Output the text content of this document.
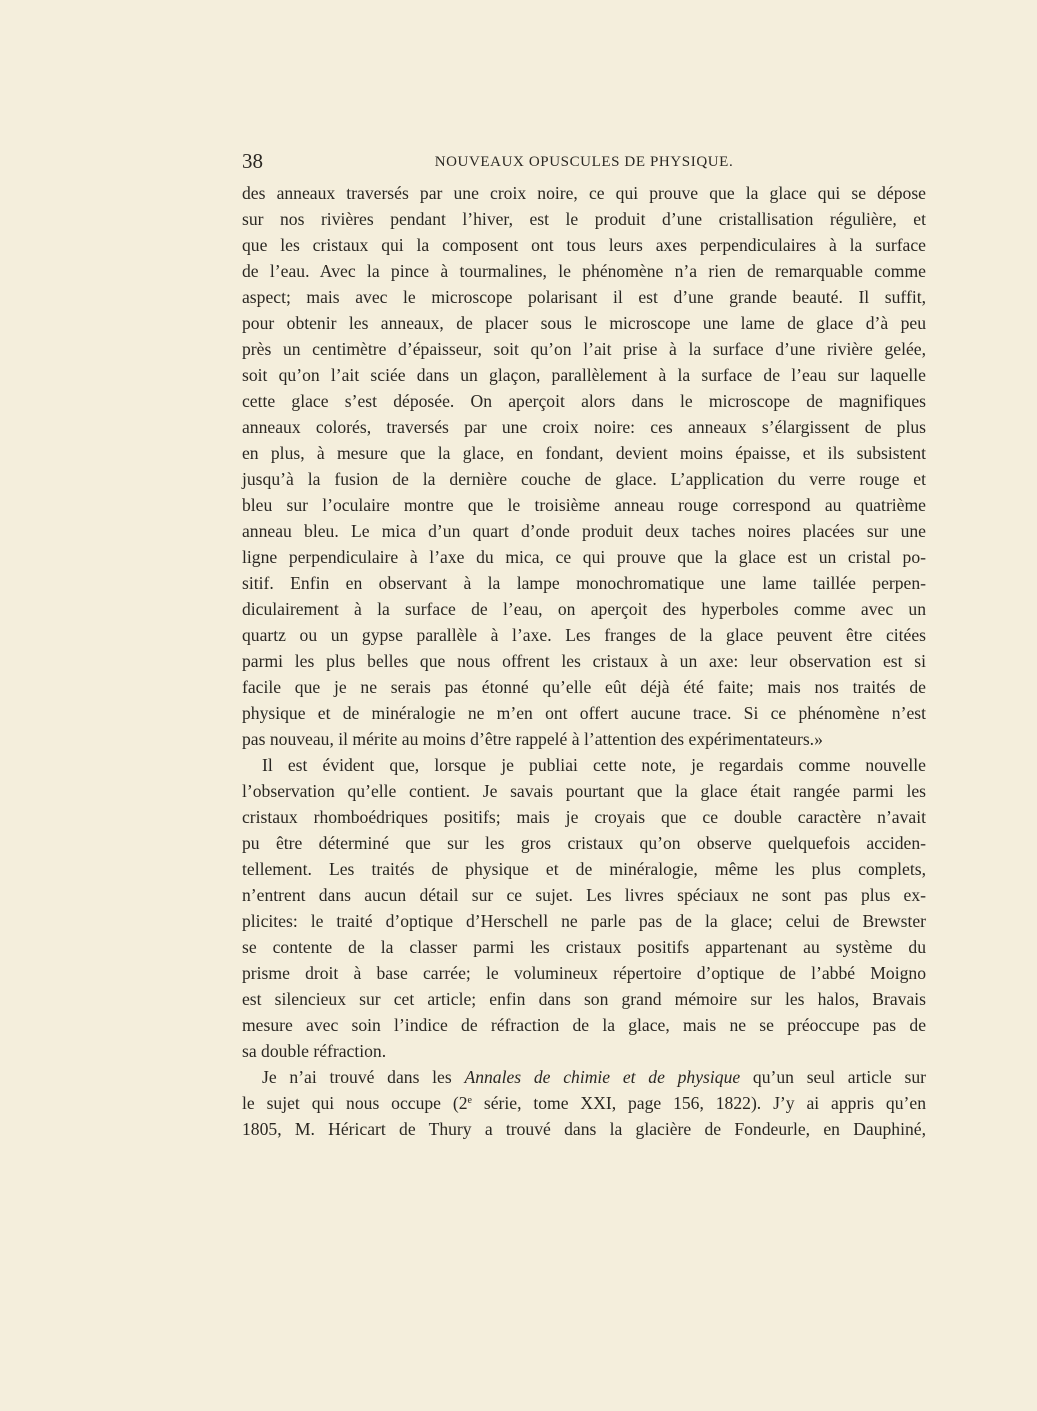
38	NOUVEAUX OPUSCULES DE PHYSIQUE.
des anneaux traversés par une croix noire, ce qui prouve que la glace qui se dépose
sur nos rivières pendant l’hiver, est le produit d’une cristallisation régulière, et
que les cristaux qui la composent ont tous leurs axes perpendiculaires à la surface
de l’eau. Avec la pince à tourmalines, le phénomène n’a rien de remarquable comme
aspect; mais avec le microscope polarisant il est d’une grande beauté. Il suffit,
pour obtenir les anneaux, de placer sous le microscope une lame de glace d’à peu
près un centimètre d’épaisseur, soit qu’on l’ait prise à la surface d’une rivière gelée,
soit qu’on l’ait sciée dans un glaçon, parallèlement à la surface de l’eau sur laquelle
cette glace s’est déposée. On aperçoit alors dans le microscope de magnifiques
anneaux colorés, traversés par une croix noire: ces anneaux s’élargissent de plus
en plus, à mesure que la glace, en fondant, devient moins épaisse, et ils subsistent
jusqu’à la fusion de la dernière couche de glace. L’application du verre rouge et
bleu sur l’oculaire montre que le troisième anneau rouge correspond au quatrième
anneau bleu. Le mica d’un quart d’onde produit deux taches noires placées sur une
ligne perpendiculaire à l’axe du mica, ce qui prouve que la glace est un cristal po-
sitif. Enfin en observant à la lampe monochromatique une lame taillée perpen-
diculairement à la surface de l’eau, on aperçoit des hyperboles comme avec un
quartz ou un gypse parallèle à l’axe. Les franges de la glace peuvent être citées
parmi les plus belles que nous offrent les cristaux à un axe: leur observation est si
facile que je ne serais pas étonné qu’elle eût déjà été faite; mais nos traités de
physique et de minéralogie ne m’en ont offert aucune trace. Si ce phénomène n’est
pas nouveau, il mérite au moins d’être rappelé à l’attention des expérimentateurs.»
Il est évident que, lorsque je publiai cette note, je regardais comme nouvelle
l’observation qu’elle contient. Je savais pourtant que la glace était rangée parmi les
cristaux rhomboédriques positifs; mais je croyais que ce double caractère n’avait
pu être déterminé que sur les gros cristaux qu’on observe quelquefois acciden-
tellement. Les traités de physique et de minéralogie, même les plus complets,
n’entrent dans aucun détail sur ce sujet. Les livres spéciaux ne sont pas plus ex-
plicites: le traité d’optique d’Herschell ne parle pas de la glace; celui de Brewster
se contente de la classer parmi les cristaux positifs appartenant au système du
prisme droit à base carrée; le volumineux répertoire d’optique de l’abbé Moigno
est silencieux sur cet article; enfin dans son grand mémoire sur les halos, Bravais
mesure avec soin l’indice de réfraction de la glace, mais ne se préoccupe pas de
sa double réfraction.
Je n’ai trouvé dans les Annales de chimie et de physique qu’un seul article sur
le sujet qui nous occupe (2e série, tome XXI, page 156, 1822). J’y ai appris qu’en
1805, M. Héricart de Thury a trouvé dans la glacière de Fondeurle, en Dauphiné,
